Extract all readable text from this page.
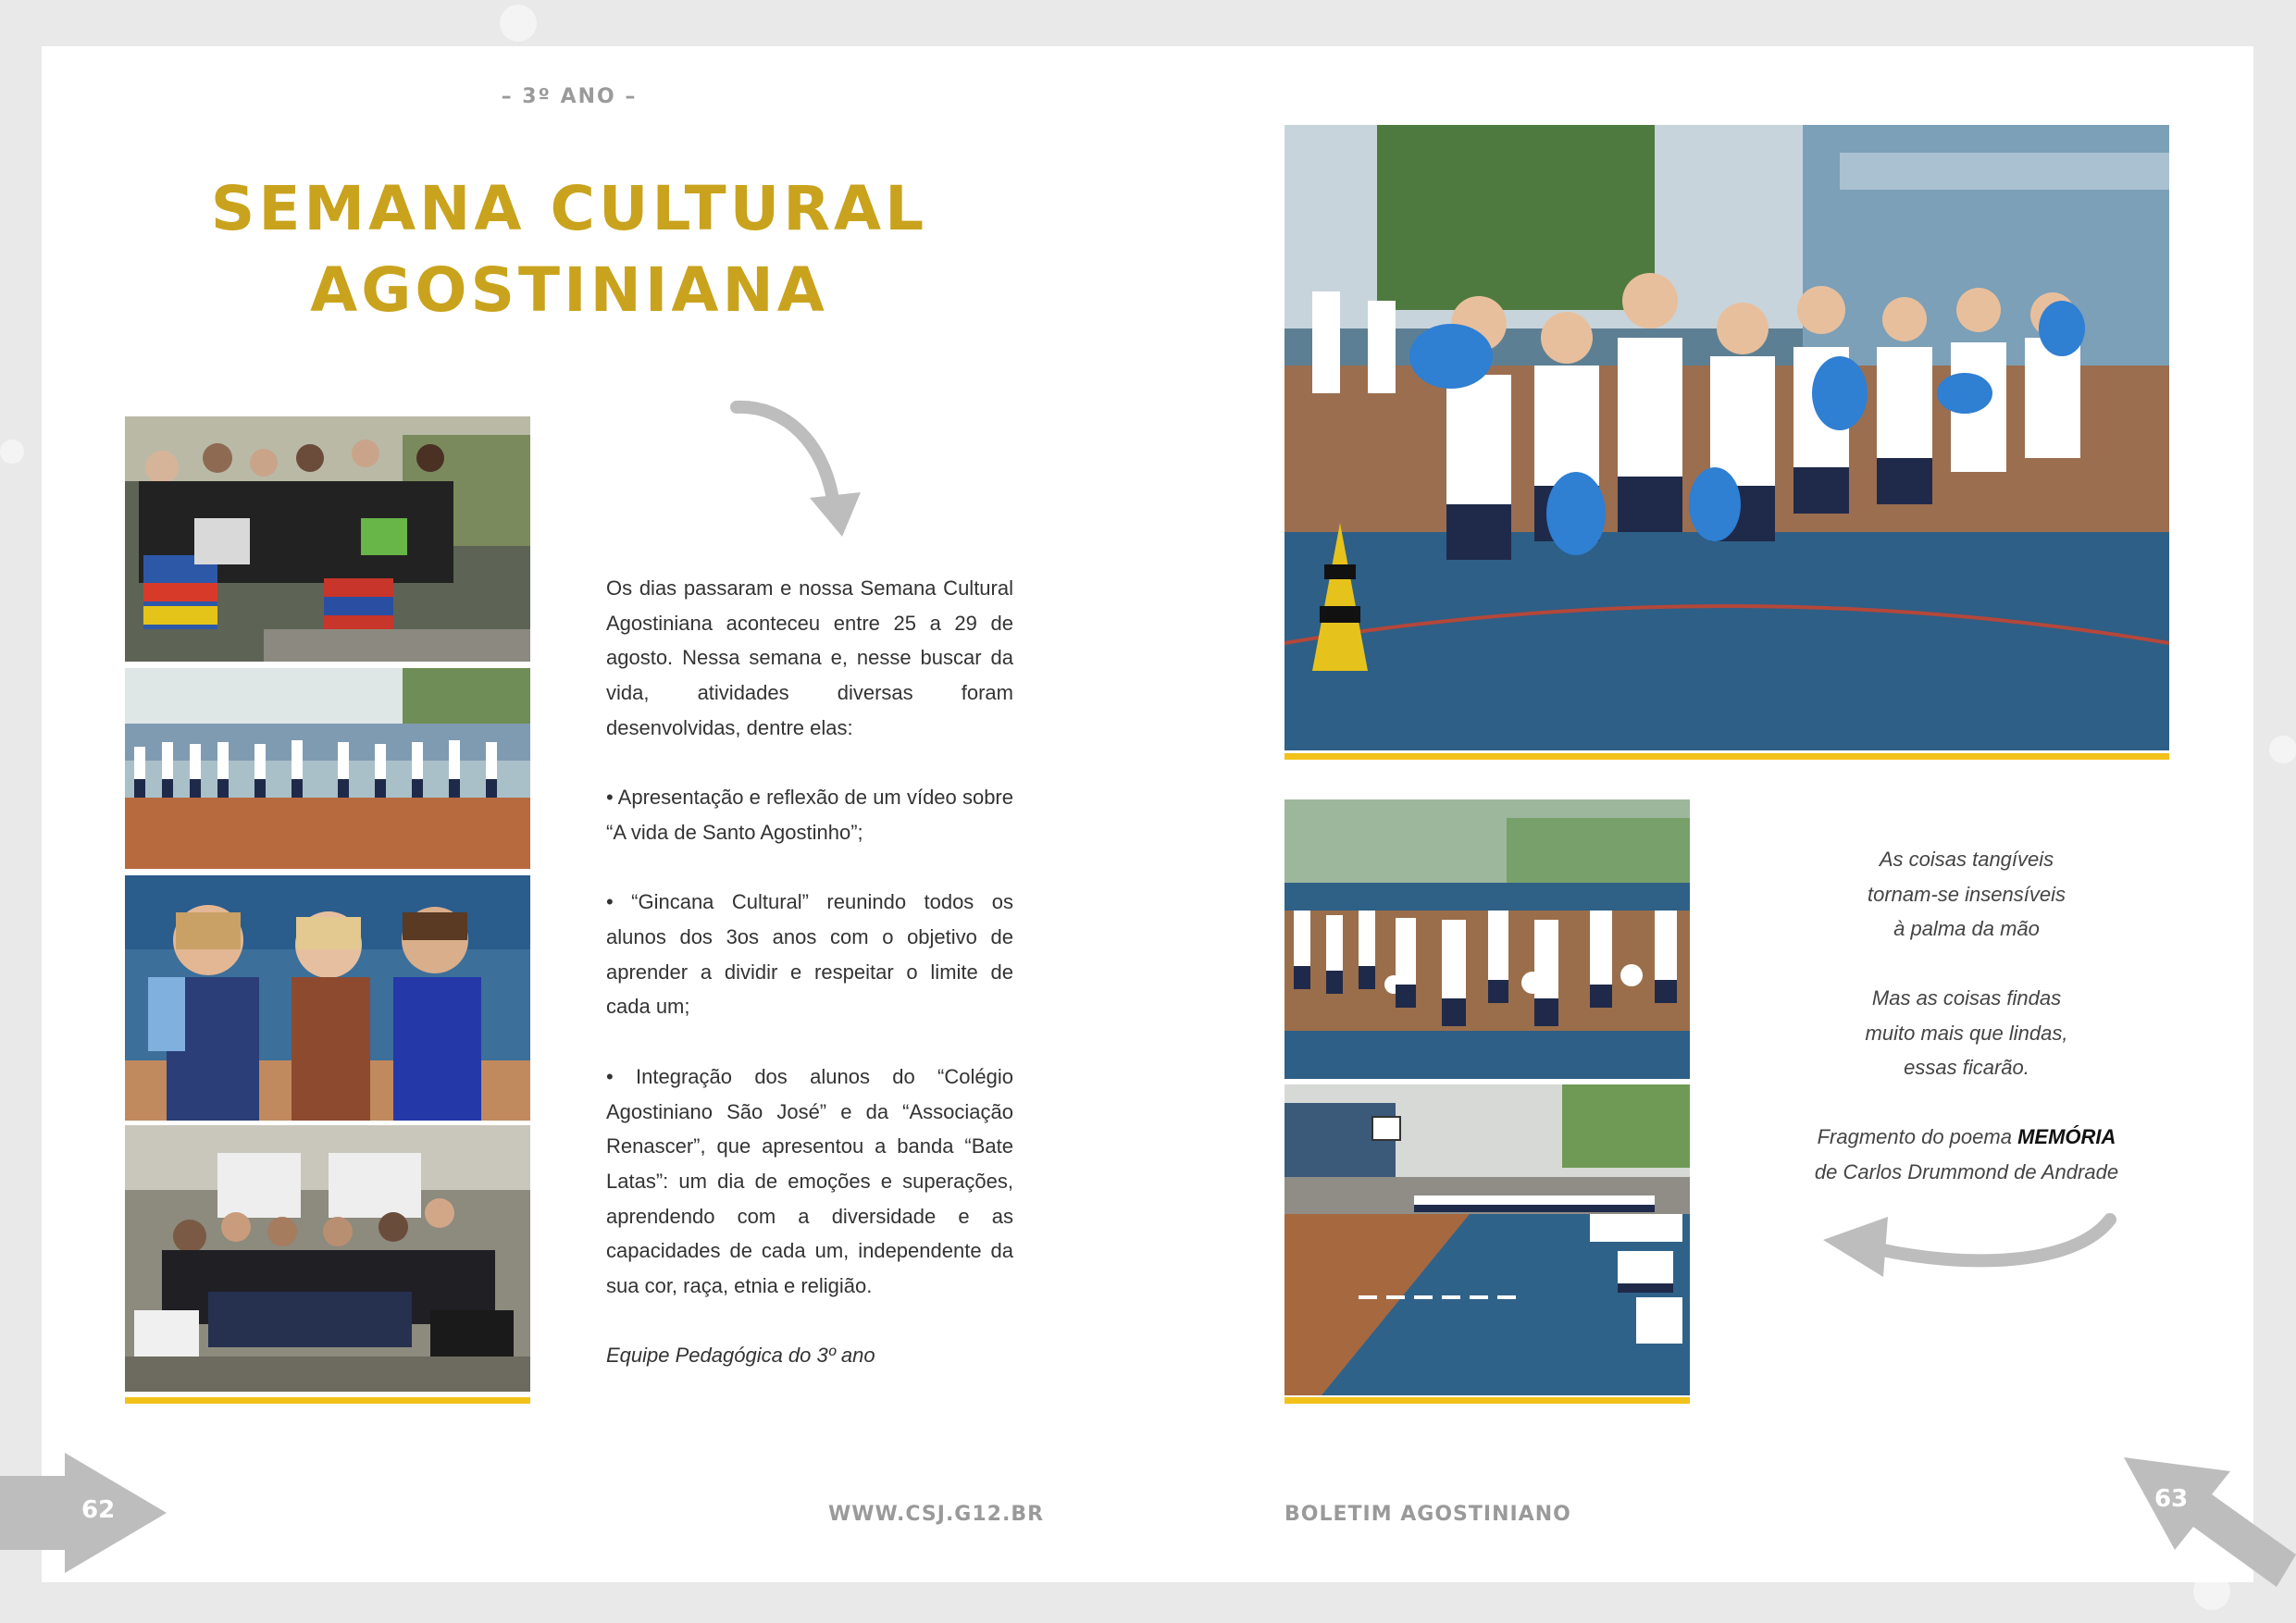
– 3º ANO –
SEMANA CULTURAL
AGOSTINIANA

Os dias passaram e nossa Semana Cultural Agostiniana aconteceu entre 25 a 29 de agosto. Nessa semana e, nesse buscar da vida, atividades diversas foram desenvolvidas, dentre elas:

• Apresentação e reflexão de um vídeo sobre “A vida de Santo Agostinho”;

• “Gincana Cultural” reunindo todos os alunos dos 3os anos com o objetivo de aprender a dividir e respeitar o limite de cada um;

• Integração dos alunos do “Colégio Agostiniano São José” e da “Associação Renascer”, que apresentou a banda “Bate Latas”: um dia de emoções e superações, aprendendo com a diversidade e as capacidades de cada um, independente da sua cor, raça, etnia e religião.

Equipe Pedagógica do 3º ano

62	WWW.CSJ.G12.BR

As coisas tangíveis
tornam-se insensíveis
à palma da mão

Mas as coisas findas
muito mais que lindas,
essas ficarão.

Fragmento do poema MEMÓRIA
de Carlos Drummond de Andrade

BOLETIM AGOSTINIANO
63
